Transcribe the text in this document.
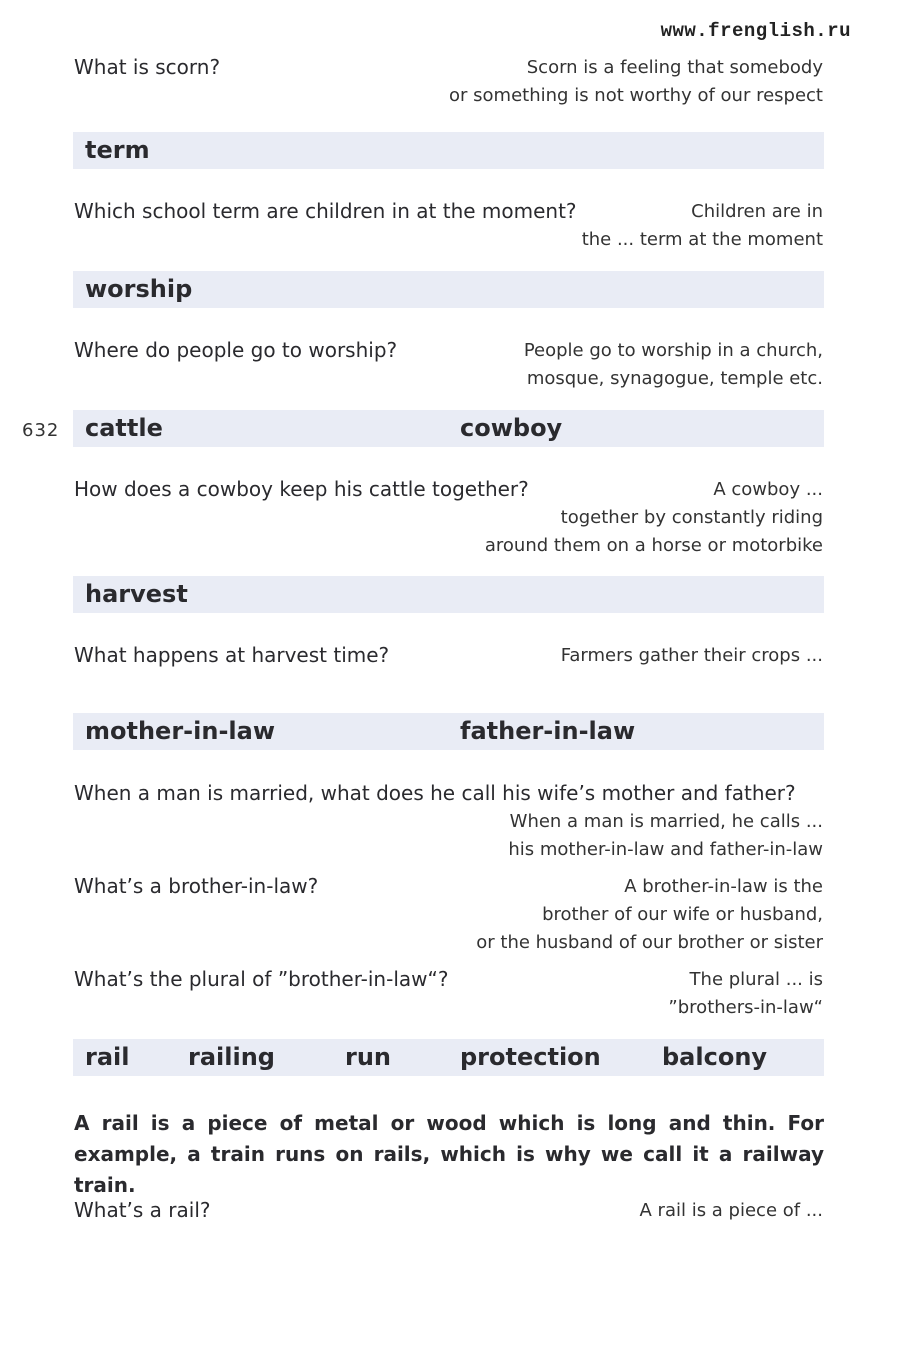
www.frenglish.ru
What is scorn?	Scorn is a feeling that somebody
or something is not worthy of our respect
term
Which school term are children in at the moment?	Children are in
the ... term at the moment
worship
Where do people go to worship?	People go to worship in a church,
mosque, synagogue, temple etc.
632 cattle	cowboy
How does a cowboy keep his cattle together?	A cowboy ...
together by constantly riding
around them on a horse or motorbike
harvest
What happens at harvest time?	Farmers gather their crops ...
mother-in-law	father-in-law
When a man is married, what does he call his wife’s mother and father?
When a man is married, he calls ...
his mother-in-law and father-in-law
What’s a brother-in-law?	A brother-in-law is the
brother of our wife or husband,
or the husband of our brother or sister
What’s the plural of ”brother-in-law“?	The plural ... is
”brothers-in-law“
rail railing	run	protection	balcony
A rail is a piece of metal or wood which is long and thin. For example, a train runs on rails, which is why we call it a railway train.
What’s a rail?	A rail is a piece of ...
